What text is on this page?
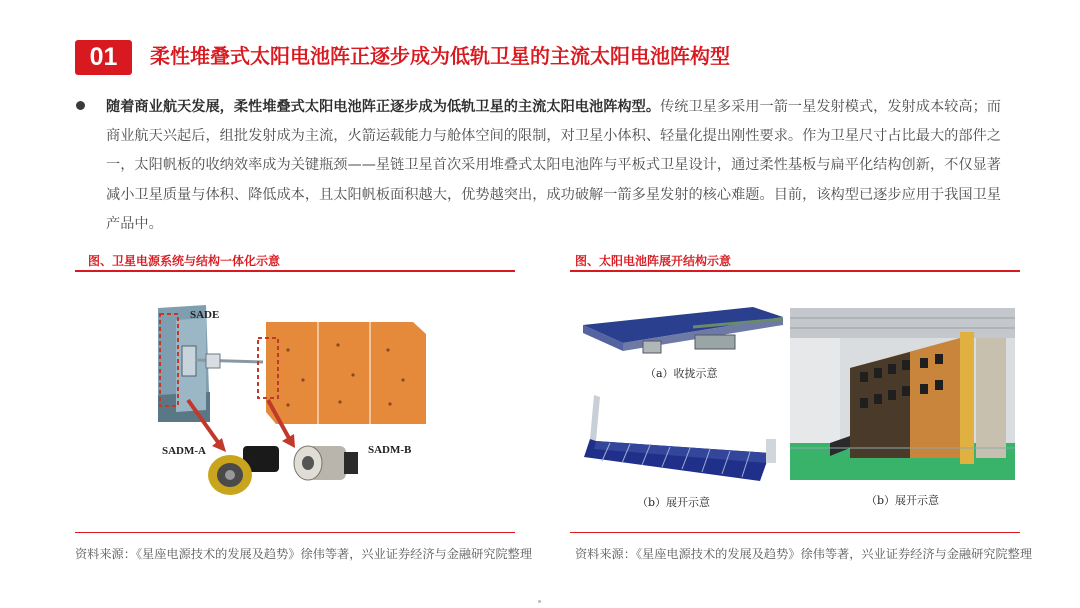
01	柔性堆叠式太阳电池阵正逐步成为低轨卫星的主流太阳电池阵构型
随着商业航天发展，柔性堆叠式太阳电池阵正逐步成为低轨卫星的主流太阳电池阵构型。传统卫星多采用一箭一星发射模式，发射成本较高；而商业航天兴起后，组批发射成为主流，火箭运载能力与舱体空间的限制，对卫星小体积、轻量化提出刚性要求。作为卫星尺寸占比最大的部件之一，太阳帆板的收纳效率成为关键瓶颈——星链卫星首次采用堆叠式太阳电池阵与平板式卫星设计，通过柔性基板与扁平化结构创新，不仅显著减小卫星质量与体积、降低成本，且太阳帆板面积越大，优势越突出，成功破解一箭多星发射的核心难题。目前，该构型已逐步应用于我国卫星产品中。
图、卫星电源系统与结构一体化示意
SADE
SADM-A	SADM-B
资料来源：《星座电源技术的发展及趋势》徐伟等著，兴业证券经济与金融研究院整理
图、太阳电池阵展开结构示意
（a）收拢示意
（b）展开示意	（b）展开示意
资料来源：《星座电源技术的发展及趋势》徐伟等著，兴业证券经济与金融研究院整理
